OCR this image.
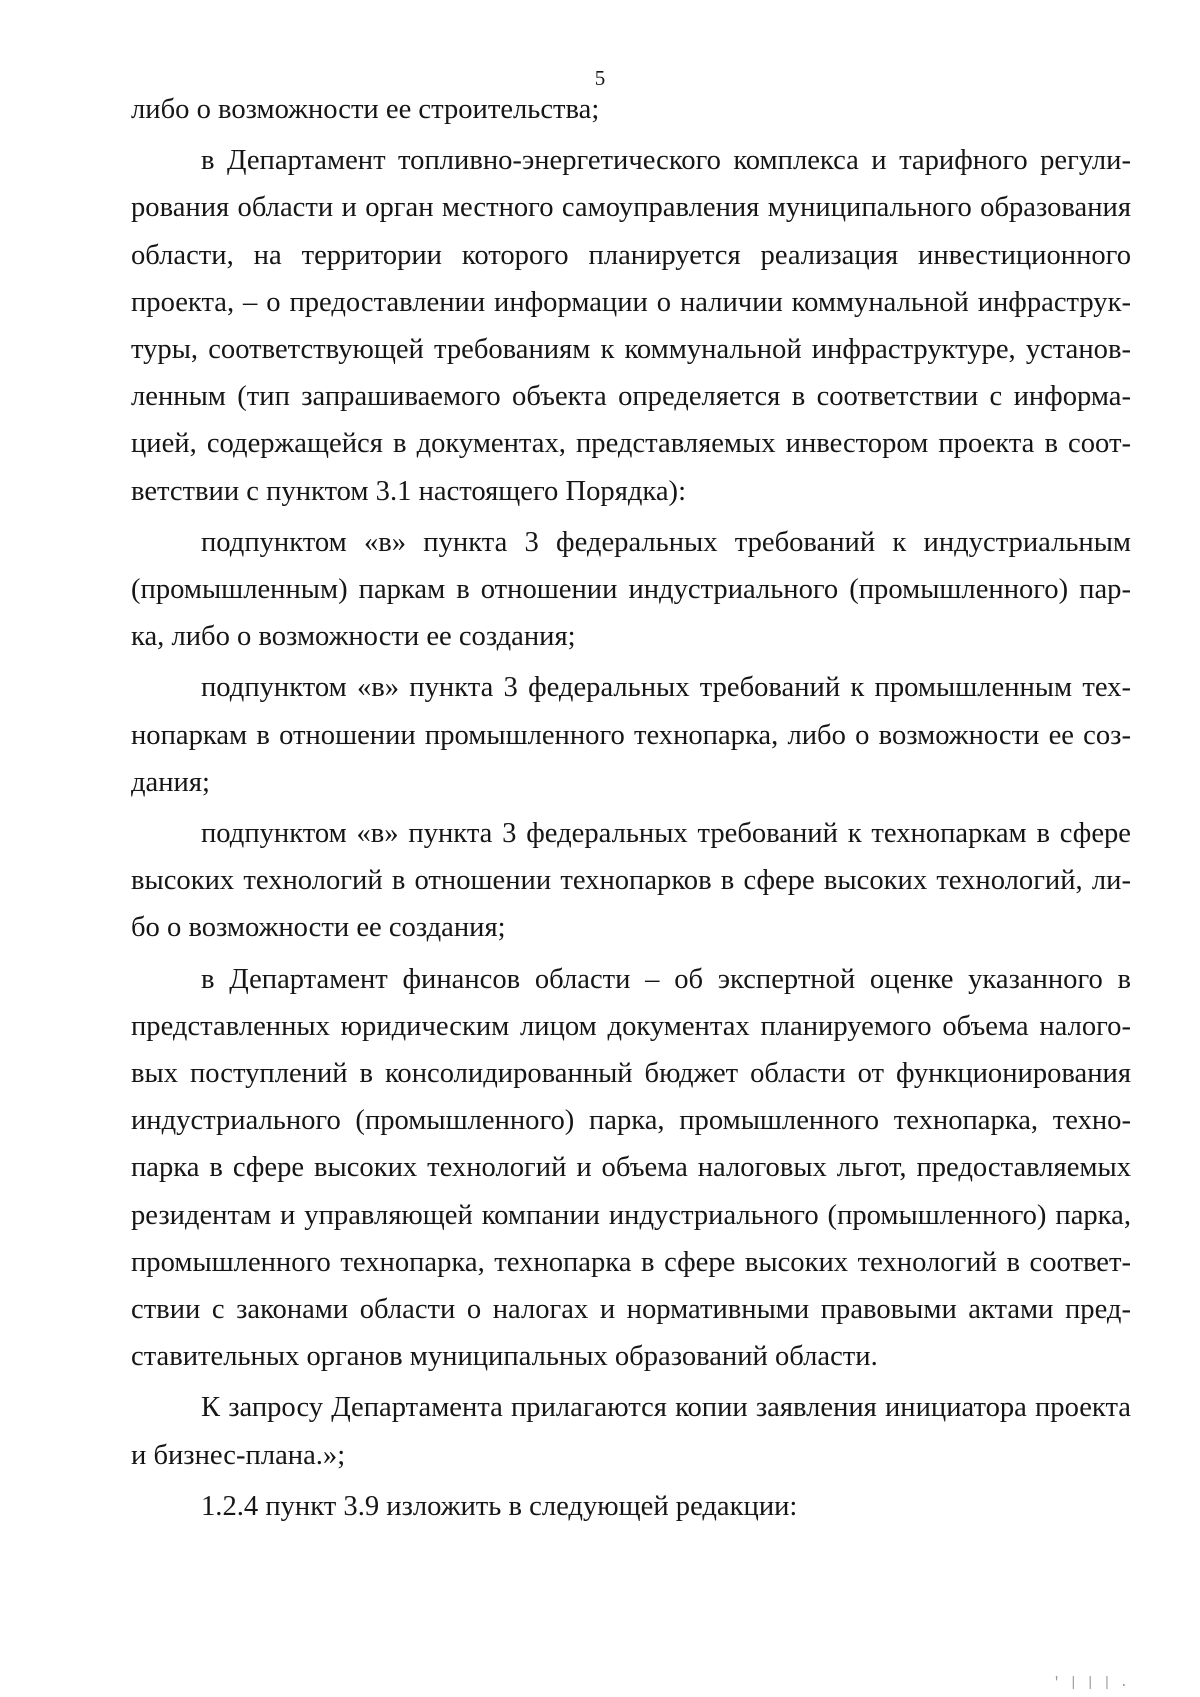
5

либо о возможности ее строительства;

в Департамент топливно-энергетического комплекса и тарифного регулирования области и орган местного самоуправления муниципального образования области, на территории которого планируется реализация инвестиционного проекта, – о предоставлении информации о наличии коммунальной инфраструктуры, соответствующей требованиям к коммунальной инфраструктуре, установленным (тип запрашиваемого объекта определяется в соответствии с информацией, содержащейся в документах, представляемых инвестором проекта в соответствии с пунктом 3.1 настоящего Порядка):

подпунктом «в» пункта 3 федеральных требований к индустриальным (промышленным) паркам в отношении индустриального (промышленного) парка, либо о возможности ее создания;

подпунктом «в» пункта 3 федеральных требований к промышленным технопаркам в отношении промышленного технопарка, либо о возможности ее создания;

подпунктом «в» пункта 3 федеральных требований к технопаркам в сфере высоких технологий в отношении технопарков в сфере высоких технологий, либо о возможности ее создания;

в Департамент финансов области – об экспертной оценке указанного в представленных юридическим лицом документах планируемого объема налоговых поступлений в консолидированный бюджет области от функционирования индустриального (промышленного) парка, промышленного технопарка, технопарка в сфере высоких технологий и объема налоговых льгот, предоставляемых резидентам и управляющей компании индустриального (промышленного) парка, промышленного технопарка, технопарка в сфере высоких технологий в соответствии с законами области о налогах и нормативными правовыми актами представительных органов муниципальных образований области.

К запросу Департамента прилагаются копии заявления инициатора проекта и бизнес-плана.»;

1.2.4 пункт 3.9 изложить в следующей редакции:

' | | | .
